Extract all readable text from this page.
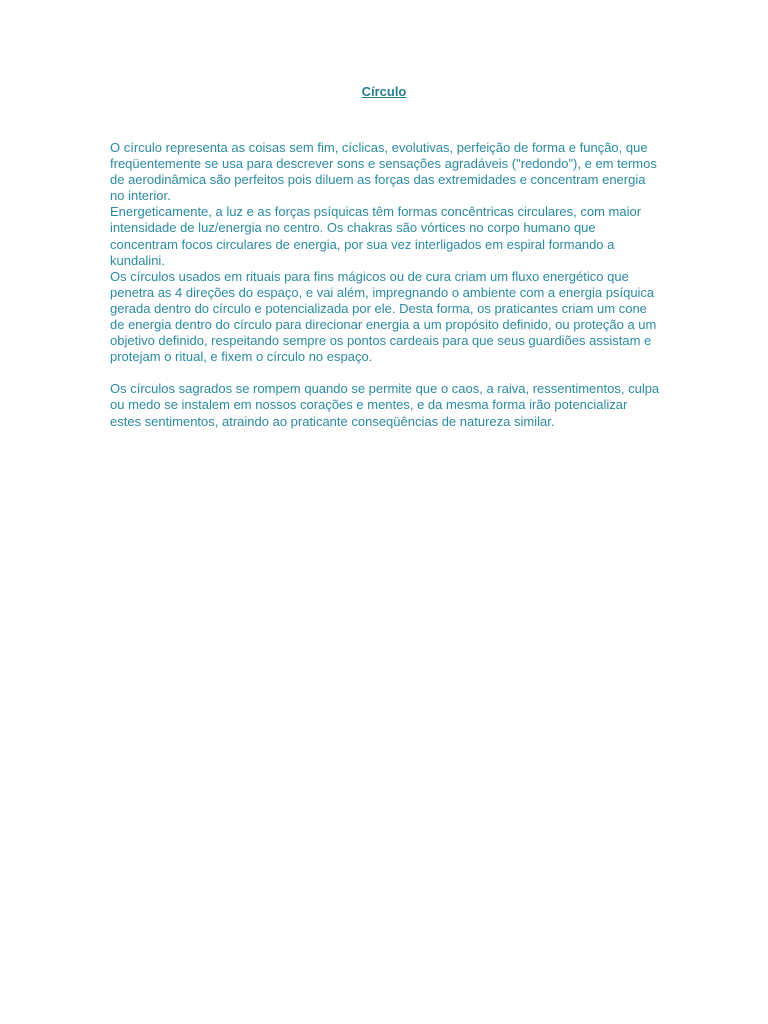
Círculo

O círculo representa as coisas sem fim, cíclicas, evolutivas, perfeição de forma e função, que freqüentemente se usa para descrever sons e sensações agradáveis ("redondo"), e em termos de aerodinâmica são perfeitos pois diluem as forças das extremidades e concentram energia no interior.

Energeticamente, a luz e as forças psíquicas têm formas concêntricas circulares, com maior intensidade de luz/energia no centro. Os chakras são vórtices no corpo humano que concentram focos circulares de energia, por sua vez interligados em espiral formando a kundalini.

Os círculos usados em rituais para fins mágicos ou de cura criam um fluxo energético que penetra as 4 direções do espaço, e vai além, impregnando o ambiente com a energia psíquica gerada dentro do círculo e potencializada por ele. Desta forma, os praticantes criam um cone de energia dentro do círculo para direcionar energia a um propósito definido, ou proteção a um objetivo definido, respeitando sempre os pontos cardeais para que seus guardiões assistam e protejam o ritual, e fixem o círculo no espaço.

Os círculos sagrados se rompem quando se permite que o caos, a raiva, ressentimentos, culpa ou medo se instalem em nossos corações e mentes, e da mesma forma irão potencializar estes sentimentos, atraindo ao praticante conseqüências de natureza similar.
